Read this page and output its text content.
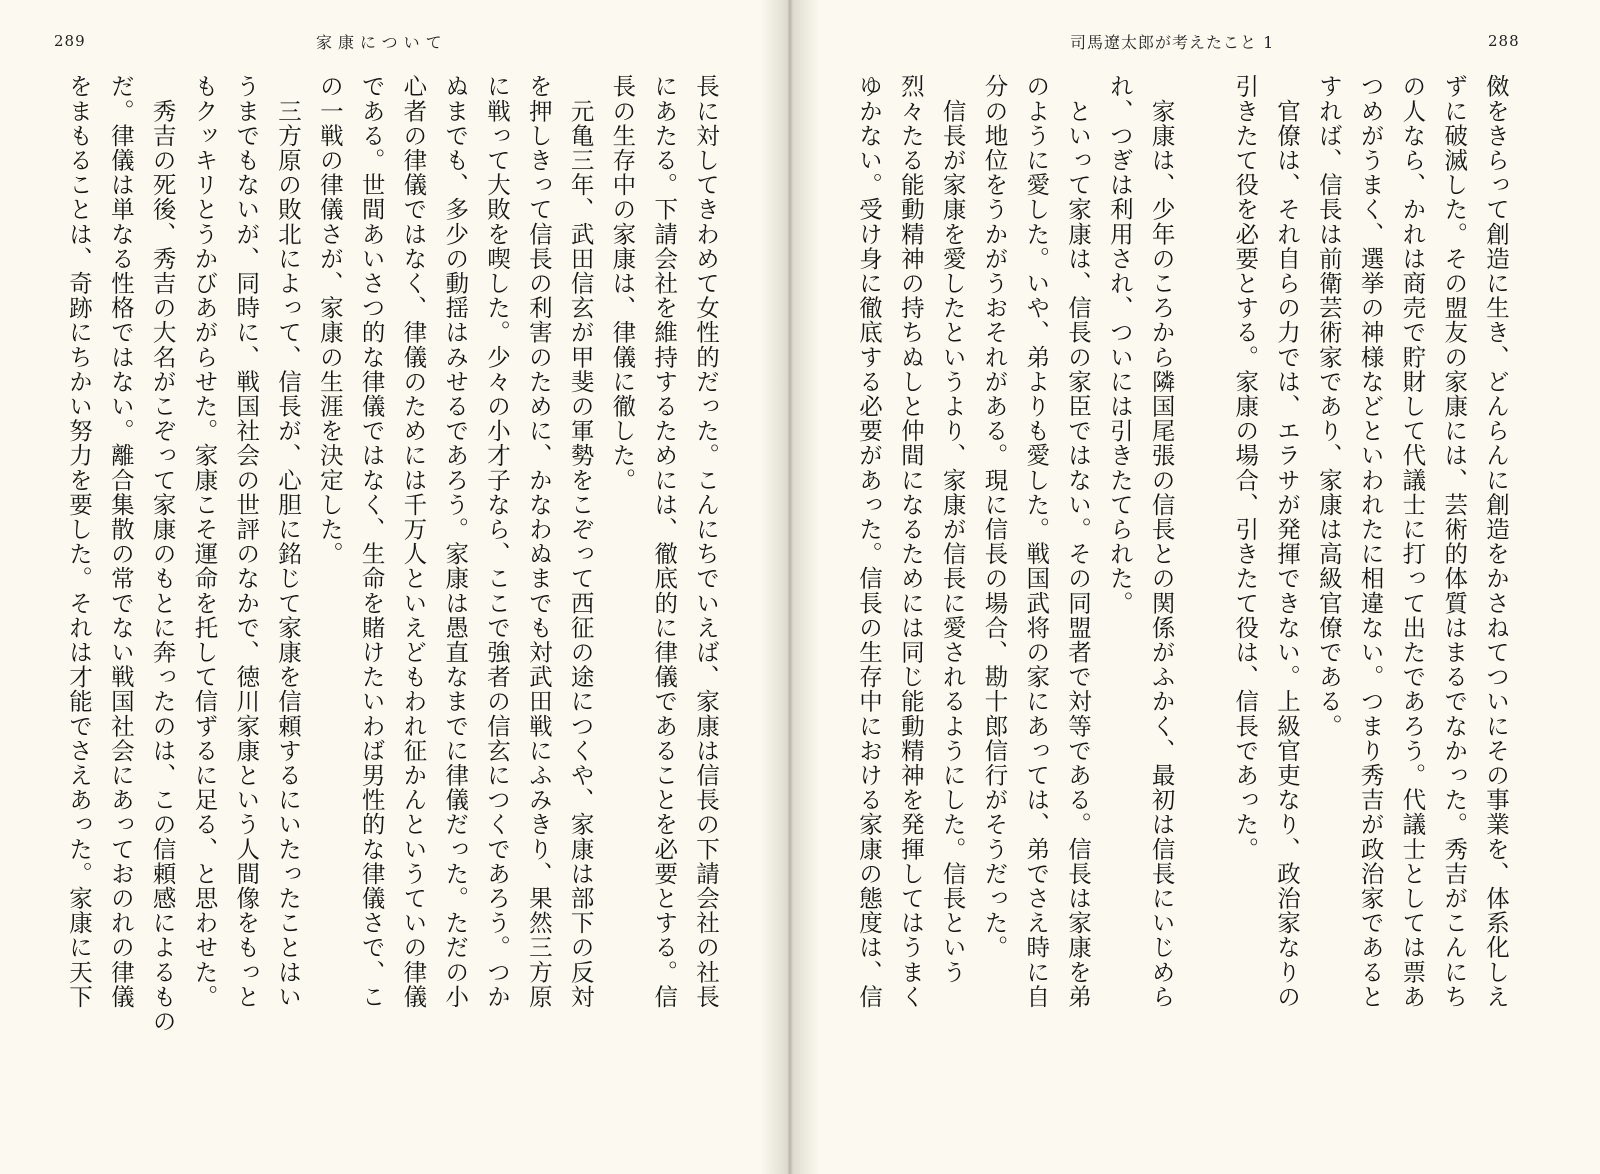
289	家康について	司馬遼太郎が考えたこと 1	288

傚をきらって創造に生き、どんらんに創造をかさねてついにその事業を、体系化しえ

ずに破滅した。その盟友の家康には、芸術的体質はまるでなかった。秀吉がこんにち

の人なら、かれは商売で貯財して代議士に打って出たであろう。代議士としては票あ

つめがうまく、選挙の神様などといわれたに相違ない。つまり秀吉が政治家であると

すれば、信長は前衛芸術家であり、家康は高級官僚である。

　官僚は、それ自らの力では、エラサが発揮できない。上級官吏なり、政治家なりの

引きたて役を必要とする。家康の場合、引きたて役は、信長であった。

　家康は、少年のころから隣国尾張の信長との関係がふかく、最初は信長にいじめら

れ、つぎは利用され、ついには引きたてられた。

　といって家康は、信長の家臣ではない。その同盟者で対等である。信長は家康を弟

のように愛した。いや、弟よりも愛した。戦国武将の家にあっては、弟でさえ時に自

分の地位をうかがうおそれがある。現に信長の場合、勘十郎信行がそうだった。

　信長が家康を愛したというより、家康が信長に愛されるようにした。信長という

烈々たる能動精神の持ちぬしと仲間になるためには同じ能動精神を発揮してはうまく

ゆかない。受け身に徹底する必要があった。信長の生存中における家康の態度は、信

長に対してきわめて女性的だった。こんにちでいえば、家康は信長の下請会社の社長

にあたる。下請会社を維持するためには、徹底的に律儀であることを必要とする。信

長の生存中の家康は、律儀に徹した。

　元亀三年、武田信玄が甲斐の軍勢をこぞって西征の途につくや、家康は部下の反対

を押しきって信長の利害のために、かなわぬまでも対武田戦にふみきり、果然三方原

に戦って大敗を喫した。少々の小才子なら、ここで強者の信玄につくであろう。つか

ぬまでも、多少の動揺はみせるであろう。家康は愚直なまでに律儀だった。ただの小

心者の律儀ではなく、律儀のためには千万人といえどもわれ征かんというていの律儀

である。世間あいさつ的な律儀ではなく、生命を賭けたいわば男性的な律儀さで、こ

の一戦の律儀さが、家康の生涯を決定した。

　三方原の敗北によって、信長が、心胆に銘じて家康を信頼するにいたったことはい

うまでもないが、同時に、戦国社会の世評のなかで、徳川家康という人間像をもっと

もクッキリとうかびあがらせた。家康こそ運命を托して信ずるに足る、と思わせた。

　秀吉の死後、秀吉の大名がこぞって家康のもとに奔ったのは、この信頼感によるもの

だ。律儀は単なる性格ではない。離合集散の常でない戦国社会にあっておのれの律儀

をまもることは、奇跡にちかい努力を要した。それは才能でさえあった。家康に天下
